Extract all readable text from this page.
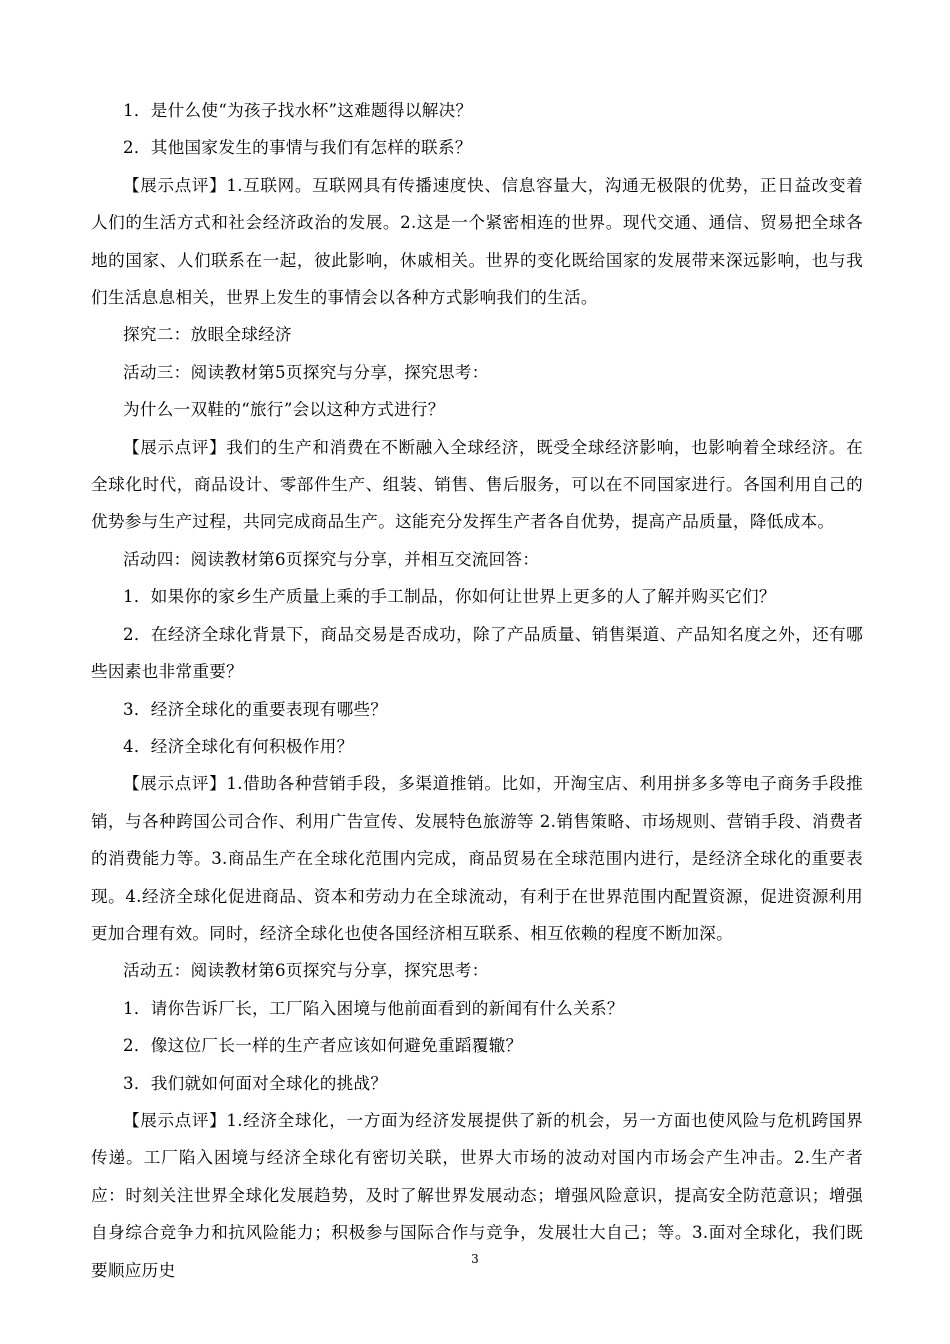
1．是什么使“为孩子找水杯”这难题得以解决？

2．其他国家发生的事情与我们有怎样的联系？

【展示点评】1.互联网。互联网具有传播速度快、信息容量大，沟通无极限的优势，正日益改变着人们的生活方式和社会经济政治的发展。2.这是一个紧密相连的世界。现代交通、通信、贸易把全球各地的国家、人们联系在一起，彼此影响，休戚相关。世界的变化既给国家的发展带来深远影响，也与我们生活息息相关，世界上发生的事情会以各种方式影响我们的生活。

探究二：放眼全球经济

活动三：阅读教材第5页探究与分享，探究思考：

为什么一双鞋的“旅行”会以这种方式进行？

【展示点评】我们的生产和消费在不断融入全球经济，既受全球经济影响，也影响着全球经济。在全球化时代，商品设计、零部件生产、组装、销售、售后服务，可以在不同国家进行。各国利用自己的优势参与生产过程，共同完成商品生产。这能充分发挥生产者各自优势，提高产品质量，降低成本。

活动四：阅读教材第6页探究与分享，并相互交流回答：

1．如果你的家乡生产质量上乘的手工制品，你如何让世界上更多的人了解并购买它们？

2．在经济全球化背景下，商品交易是否成功，除了产品质量、销售渠道、产品知名度之外，还有哪些因素也非常重要？

3．经济全球化的重要表现有哪些？

4．经济全球化有何积极作用？

【展示点评】1.借助各种营销手段，多渠道推销。比如，开淘宝店、利用拼多多等电子商务手段推销，与各种跨国公司合作、利用广告宣传、发展特色旅游等 2.销售策略、市场规则、营销手段、消费者的消费能力等。3.商品生产在全球化范围内完成，商品贸易在全球范围内进行，是经济全球化的重要表现。4.经济全球化促进商品、资本和劳动力在全球流动，有利于在世界范围内配置资源，促进资源利用更加合理有效。同时，经济全球化也使各国经济相互联系、相互依赖的程度不断加深。

活动五：阅读教材第6页探究与分享，探究思考：

1．请你告诉厂长，工厂陷入困境与他前面看到的新闻有什么关系？

2．像这位厂长一样的生产者应该如何避免重蹈覆辙？

3．我们就如何面对全球化的挑战？

【展示点评】1.经济全球化，一方面为经济发展提供了新的机会，另一方面也使风险与危机跨国界传递。工厂陷入困境与经济全球化有密切关联，世界大市场的波动对国内市场会产生冲击。2.生产者应：时刻关注世界全球化发展趋势，及时了解世界发展动态；增强风险意识，提高安全防范意识；增强自身综合竞争力和抗风险能力；积极参与国际合作与竞争，发展壮大自己；等。3.面对全球化，我们既要顺应历史

3
